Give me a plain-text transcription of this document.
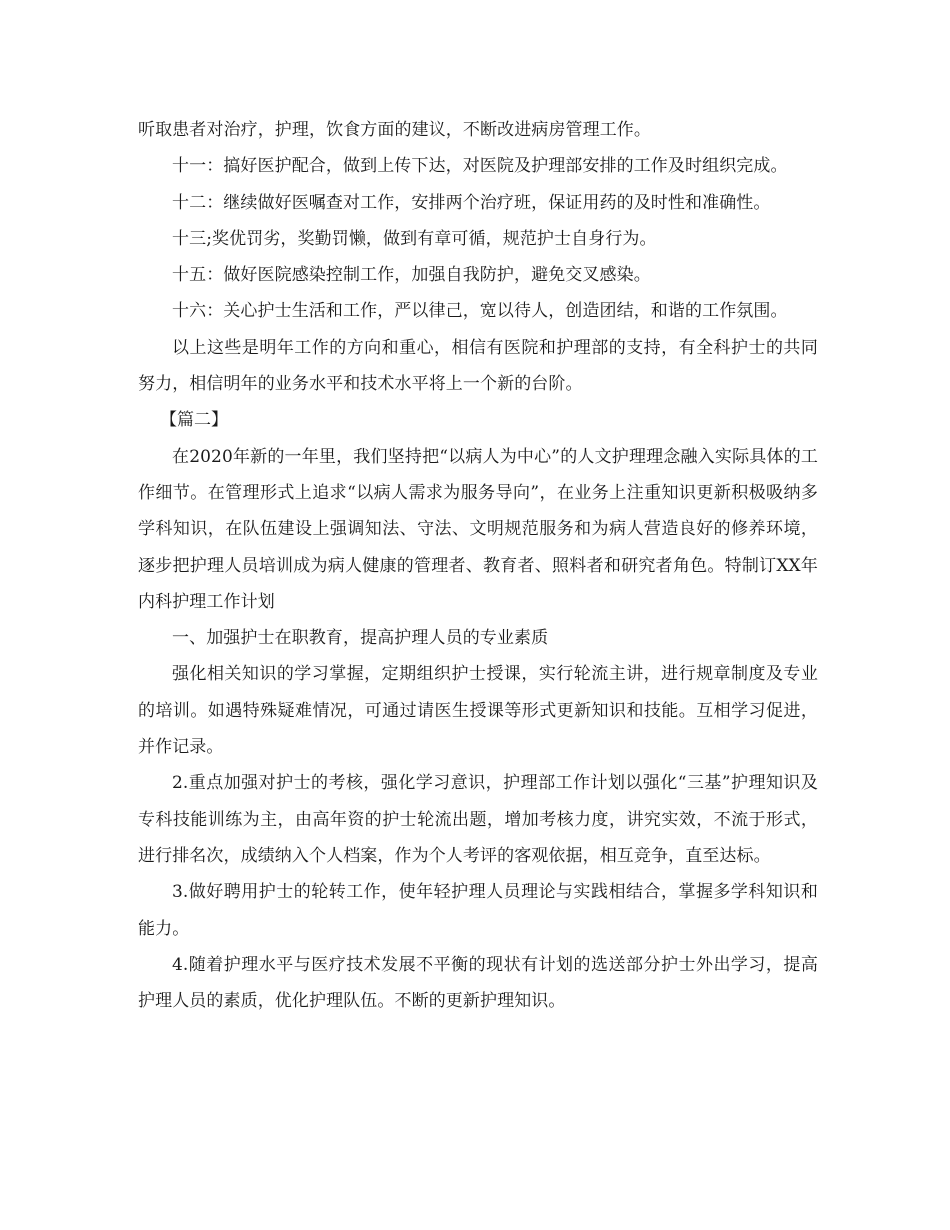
听取患者对治疗，护理，饮食方面的建议，不断改进病房管理工作。

十一：搞好医护配合，做到上传下达，对医院及护理部安排的工作及时组织完成。

十二：继续做好医嘱查对工作，安排两个治疗班，保证用药的及时性和准确性。

十三;奖优罚劣，奖勤罚懒，做到有章可循，规范护士自身行为。

十五：做好医院感染控制工作，加强自我防护，避免交叉感染。

十六：关心护士生活和工作，严以律己，宽以待人，创造团结，和谐的工作氛围。

以上这些是明年工作的方向和重心，相信有医院和护理部的支持，有全科护士的共同努力，相信明年的业务水平和技术水平将上一个新的台阶。

【篇二】

在2020年新的一年里，我们坚持把“以病人为中心”的人文护理理念融入实际具体的工作细节。在管理形式上追求“以病人需求为服务导向”，在业务上注重知识更新积极吸纳多学科知识，在队伍建设上强调知法、守法、文明规范服务和为病人营造良好的修养环境，逐步把护理人员培训成为病人健康的管理者、教育者、照料者和研究者角色。特制订XX年内科护理工作计划

一、加强护士在职教育，提高护理人员的专业素质

强化相关知识的学习掌握，定期组织护士授课，实行轮流主讲，进行规章制度及专业的培训。如遇特殊疑难情况，可通过请医生授课等形式更新知识和技能。互相学习促进，并作记录。

2.重点加强对护士的考核，强化学习意识，护理部工作计划以强化“三基”护理知识及专科技能训练为主，由高年资的护士轮流出题，增加考核力度，讲究实效，不流于形式，进行排名次，成绩纳入个人档案，作为个人考评的客观依据，相互竞争，直至达标。

3.做好聘用护士的轮转工作，使年轻护理人员理论与实践相结合，掌握多学科知识和能力。

4.随着护理水平与医疗技术发展不平衡的现状有计划的选送部分护士外出学习，提高护理人员的素质，优化护理队伍。不断的更新护理知识。
